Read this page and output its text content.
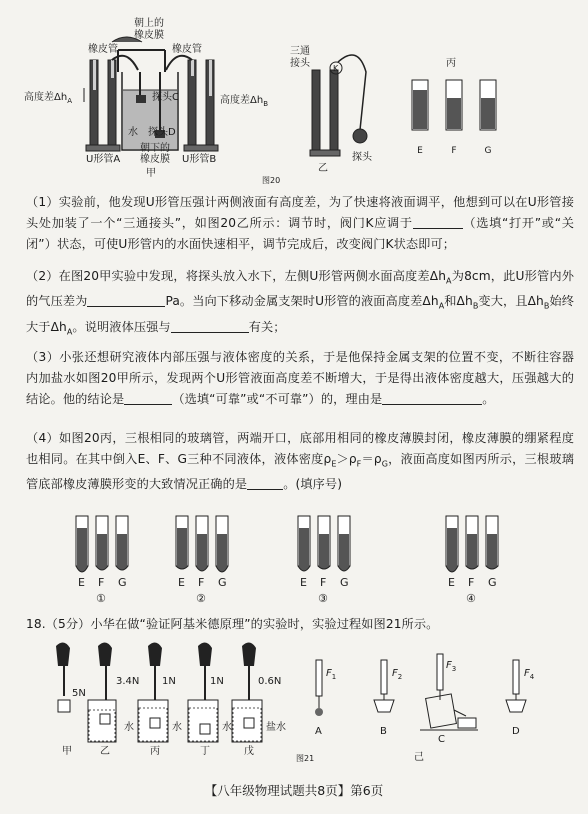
朝上的
橡皮膜
橡皮管	橡皮管
高度差$\Delta h_A$	高度差$\Delta h_B$
探头C
探头D
水
朝下的
橡皮膜
U形管A	U形管B
甲
图20
三通
接头	K
探头
乙
丙
E	F	G

（1）实验前，他发现U形管压强计两侧液面有高度差，为了快速将液面调平，他想到可以在U形管接头处加装了一个“三通接头”，如图20乙所示：调节时，阀门K应调于	（选填“打开”或“关闭”）状态，可使U形管内的水面快速相平，调节完成后，改变阀门K状态即可；

（2）在图20甲实验中发现，将探头放入水下，左侧U形管两侧水面高度差$\Delta h_A$为8cm，此U形管内外的气压差为	Pa。当向下移动金属支架时U形管的液面高度差$\Delta h_A$和$\Delta h_B$变大，且$\Delta h_B$始终大于$\Delta h_A$。说明液体压强与	有关；

（3）小张还想研究液体内部压强与液体密度的关系，于是他保持金属支架的位置不变，不断往容器内加盐水如图20甲所示，发现两个U形管液面高度差不断增大，于是得出液体密度越大，压强越大的结论。他的结论是	（选填“可靠”或“不可靠”）的，理由是	。

（4）如图20丙，三根相同的玻璃管，两端开口，底部用相同的橡皮薄膜封闭，橡皮薄膜的绷紧程度也相同。在其中倒入E、F、G三种不同液体，液体密度$\rho_E>\rho_F=\rho_G$，液面高度如图丙所示，三根玻璃管底部橡皮薄膜形变的大致情况正确的是	。(填序号)

E F G
①
E F G
②
E F G
③
E F G
④

18.（5分）小华在做“验证阿基米德原理”的实验时，实验过程如图21所示。

5N
3.4N 1N	1N	0.6N
水	水	水	盐水
甲	乙	丙	丁	戊
图21
$F_1$	$F_2$
$F_3$	$F_4$
A	B
C
D
己
【八年级物理试题共8页】第6页
